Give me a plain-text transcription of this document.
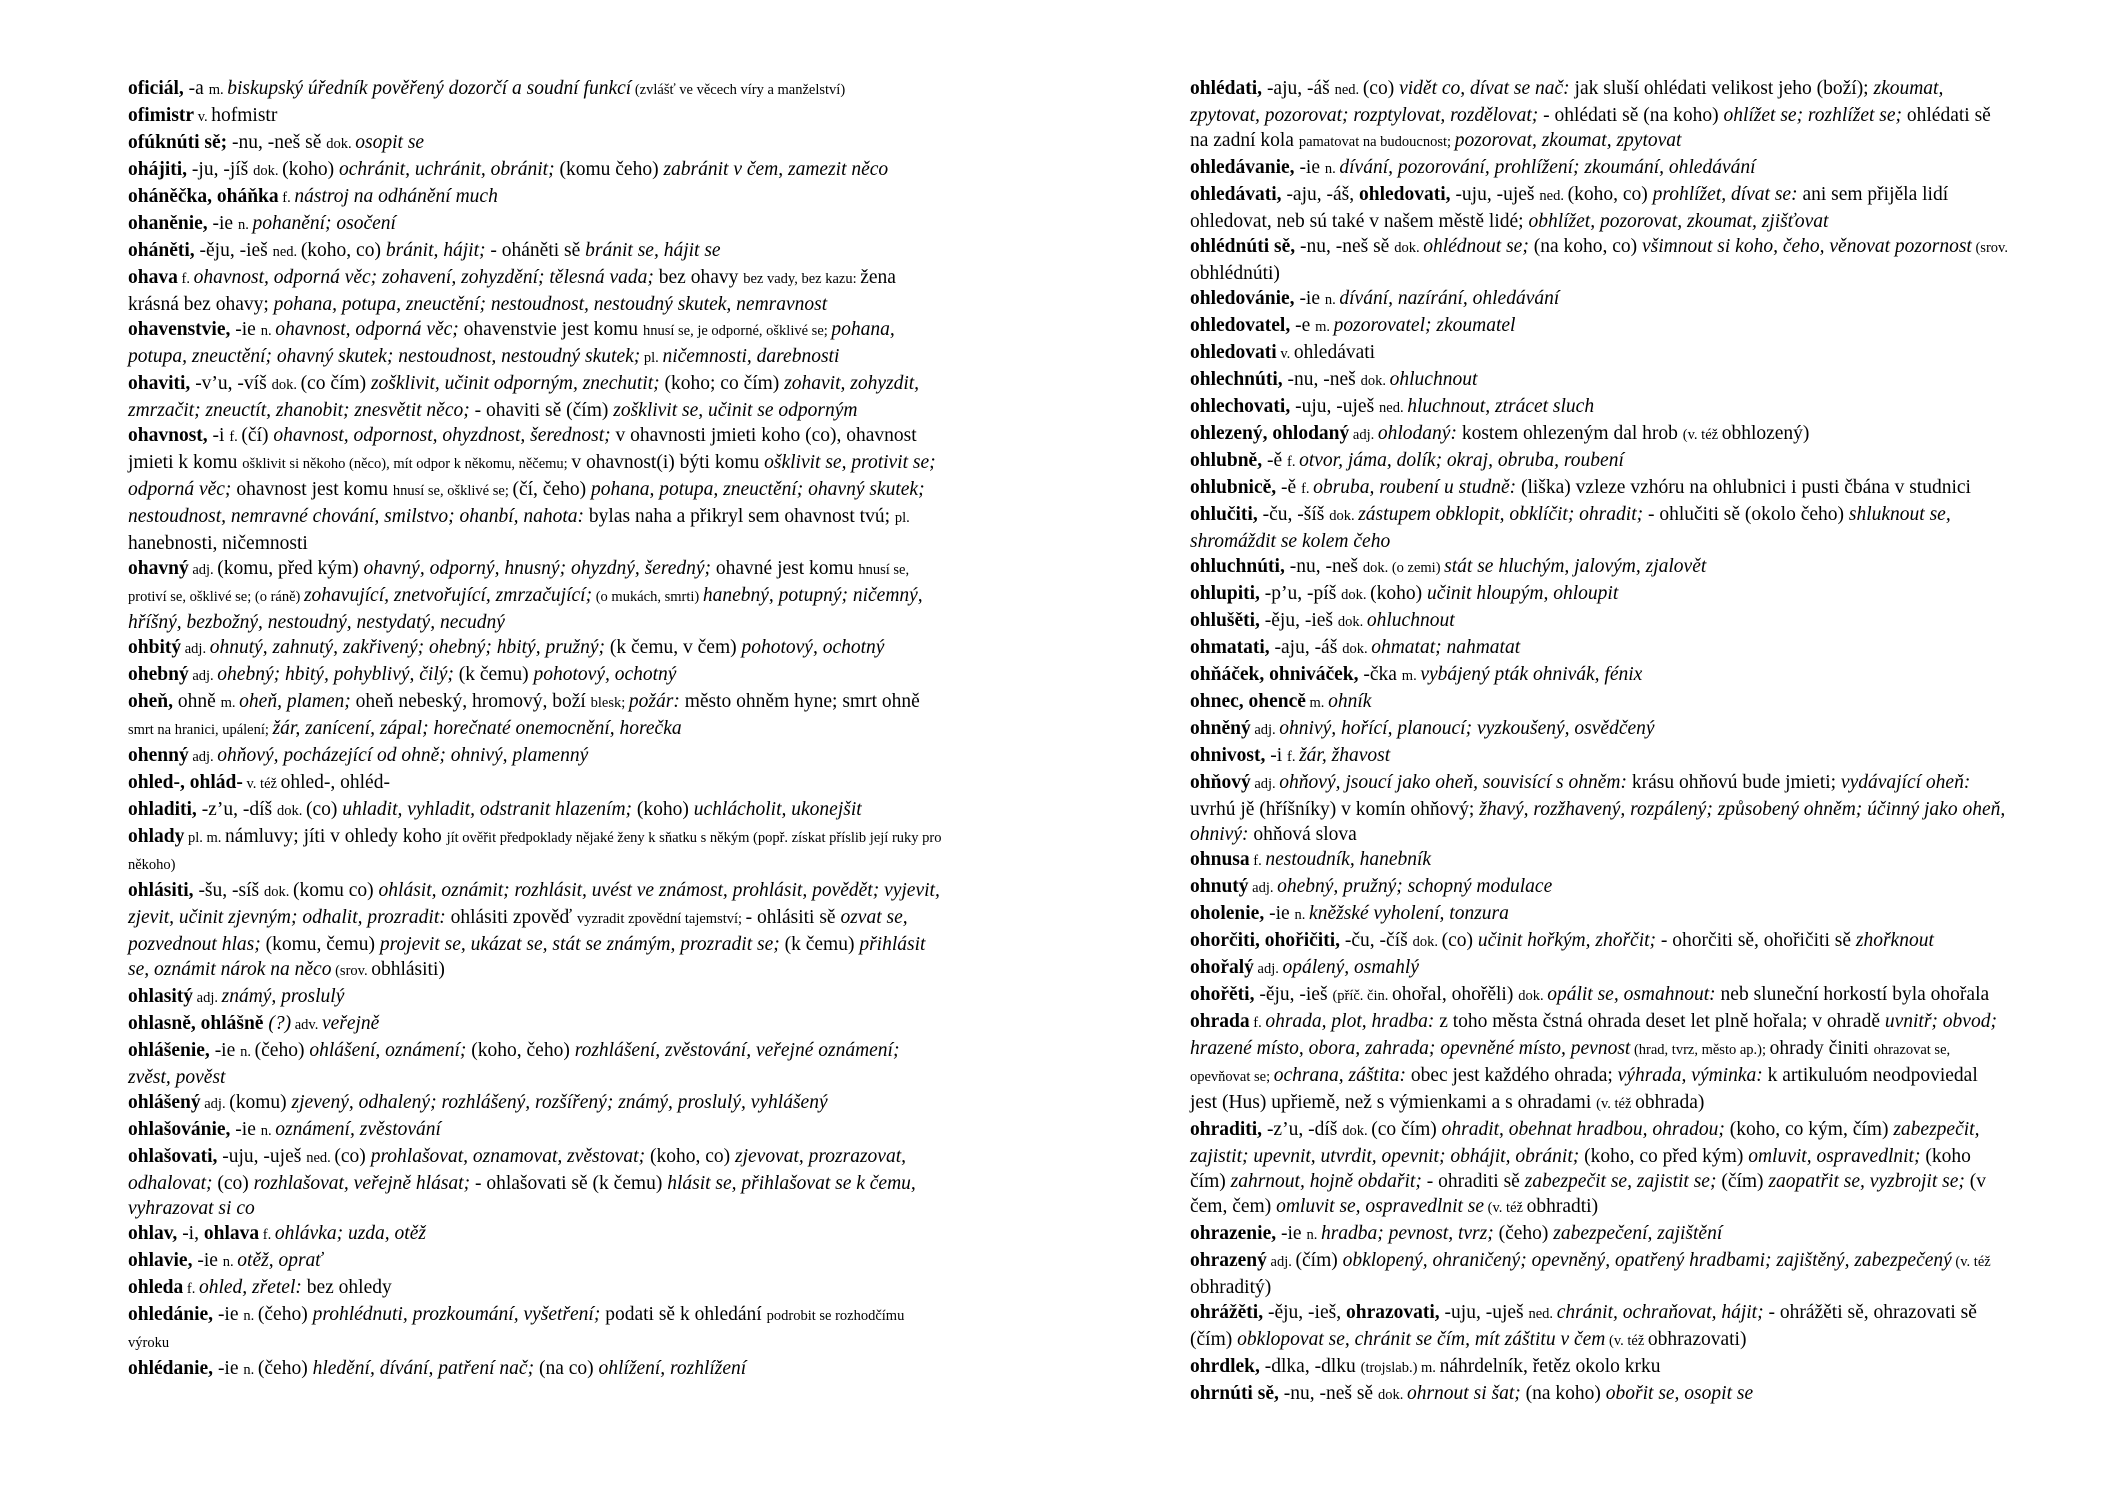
oficiál, -a m. biskupský úředník pověřený dozorčí a soudní funkcí (zvlášť ve věcech víry a manželství)

ofimistr v. hofmistr

ofúknúti sě; -nu, -neš sě dok. osopit se

ohájiti, -ju, -jíš dok. (koho) ochránit, uchránit, obránit; (komu čeho) zabránit v čem, zamezit něco

oháněčka, oháňka f. nástroj na odhánění much

ohaněnie, -ie n. pohanění; osočení

oháněti, -ěju, -ieš ned. (koho, co) bránit, hájit; - oháněti sě bránit se, hájit se

ohava f. ohavnost, odporná věc; zohavení, zohyzdění; tělesná vada; bez ohavy bez vady, bez kazu: žena krásná bez ohavy; pohana, potupa, zneuctění; nestoudnost, nestoudný skutek, nemravnost

ohavenstvie, -ie n. ohavnost, odporná věc; ohavenstvie jest komu hnusí se, je odporné, ošklivé se; pohana, potupa, zneuctění; ohavný skutek; nestoudnost, nestoudný skutek; pl. ničemnosti, darebnosti

ohaviti, -v’u, -víš dok. (co čím) zošklivit, učinit odporným, znechutit; (koho; co čím) zohavit, zohyzdit, zmrzačit; zneuctít, zhanobit; znesvětit něco; - ohaviti sě (čím) zošklivit se, učinit se odporným

ohavnost, -i f. (čí) ohavnost, odpornost, ohyzdnost, šerednost; v ohavnosti jmieti koho (co), ohavnost jmieti k komu ošklivit si někoho (něco), mít odpor k někomu, něčemu; v ohavnost(i) býti komu ošklivit se, protivit se; odporná věc; ohavnost jest komu hnusí se, ošklivé se; (čí, čeho) pohana, potupa, zneuctění; ohavný skutek; nestoudnost, nemravné chování, smilstvo; ohanbí, nahota: bylas naha a přikryl sem ohavnost tvú; pl. hanebnosti, ničemnosti

ohavný adj. (komu, před kým) ohavný, odporný, hnusný; ohyzdný, šeredný; ohavné jest komu hnusí se, protiví se, ošklivé se; (o ráně) zohavující, znetvořující, zmrzačující; (o mukách, smrti) hanebný, potupný; ničemný, hříšný, bezbožný, nestoudný, nestydatý, necudný

ohbitý adj. ohnutý, zahnutý, zakřivený; ohebný; hbitý, pružný; (k čemu, v čem) pohotový, ochotný

ohebný adj. ohebný; hbitý, pohyblivý, čilý; (k čemu) pohotový, ochotný

oheň, ohně m. oheň, plamen; oheň nebeský, hromový, boží blesk; požár: město ohněm hyne; smrt ohně smrt na hranici, upálení; žár, zanícení, zápal; horečnaté onemocnění, horečka

ohenný adj. ohňový, pocházející od ohně; ohnivý, plamenný

ohled-, ohlád- v. též ohled-, ohléd-

ohladiti, -z’u, -díš dok. (co) uhladit, vyhladit, odstranit hlazením; (koho) uchlácholit, ukonejšit

ohlady pl. m. námluvy; jíti v ohledy koho jít ověřit předpoklady nějaké ženy k sňatku s někým (popř. získat příslib její ruky pro někoho)

ohlásiti, -šu, -síš dok. (komu co) ohlásit, oznámit; rozhlásit, uvést ve známost, prohlásit, povědět; vyjevit, zjevit, učinit zjevným; odhalit, prozradit: ohlásiti zpověď vyzradit zpovědní tajemství; - ohlásiti sě ozvat se, pozvednout hlas; (komu, čemu) projevit se, ukázat se, stát se známým, prozradit se; (k čemu) přihlásit se, oznámit nárok na něco (srov. obhlásiti)

ohlasitý adj. známý, proslulý

ohlasně, ohlášně (?) adv. veřejně

ohlášenie, -ie n. (čeho) ohlášení, oznámení; (koho, čeho) rozhlášení, zvěstování, veřejné oznámení; zvěst, pověst

ohlášený adj. (komu) zjevený, odhalený; rozhlášený, rozšířený; známý, proslulý, vyhlášený

ohlašovánie, -ie n. oznámení, zvěstování

ohlašovati, -uju, -uješ ned. (co) prohlašovat, oznamovat, zvěstovat; (koho, co) zjevovat, prozrazovat, odhalovat; (co) rozhlašovat, veřejně hlásat; - ohlašovati sě (k čemu) hlásit se, přihlašovat se k čemu, vyhrazovat si co

ohlav, -i, ohlava f. ohlávka; uzda, otěž

ohlavie, -ie n. otěž, oprať

ohleda f. ohled, zřetel: bez ohledy

ohledánie, -ie n. (čeho) prohlédnuti, prozkoumání, vyšetření; podati sě k ohledání podrobit se rozhodčímu výroku

ohlédanie, -ie n. (čeho) hledění, dívání, patření nač; (na co) ohlížení, rozhlížení

ohlédati, -aju, -áš ned. (co) vidět co, dívat se nač: jak sluší ohlédati velikost jeho (boží); zkoumat, zpytovat, pozorovat; rozptylovat, rozdělovat; - ohlédati sě (na koho) ohlížet se; rozhlížet se; ohlédati sě na zadní kola pamatovat na budoucnost; pozorovat, zkoumat, zpytovat

ohledávanie, -ie n. dívání, pozorování, prohlížení; zkoumání, ohledávání

ohledávati, -aju, -áš, ohledovati, -uju, -uješ ned. (koho, co) prohlížet, dívat se: ani sem přijěla lidí ohledovat, neb sú také v našem městě lidé; obhlížet, pozorovat, zkoumat, zjišťovat

ohlédnúti sě, -nu, -neš sě dok. ohlédnout se; (na koho, co) všimnout si koho, čeho, věnovat pozornost (srov. obhlédnúti)

ohledovánie, -ie n. dívání, nazírání, ohledávání

ohledovatel, -e m. pozorovatel; zkoumatel

ohledovati v. ohledávati

ohlechnúti, -nu, -neš dok. ohluchnout

ohlechovati, -uju, -uješ ned. hluchnout, ztrácet sluch

ohlezený, ohlodaný adj. ohlodaný: kostem ohlezeným dal hrob (v. též obhlozený)

ohlubně, -ě f. otvor, jáma, dolík; okraj, obruba, roubení

ohlubnicě, -ě f. obruba, roubení u studně: (liška) vzleze vzhóru na ohlubnici i pusti čbána v studnici

ohlučiti, -ču, -šíš dok. zástupem obklopit, obklíčit; ohradit; - ohlučiti sě (okolo čeho) shluknout se, shromáždit se kolem čeho

ohluchnúti, -nu, -neš dok. (o zemi) stát se hluchým, jalovým, zjalovět

ohlupiti, -p’u, -píš dok. (koho) učinit hloupým, ohloupit

ohlušěti, -ěju, -ieš dok. ohluchnout

ohmatati, -aju, -áš dok. ohmatat; nahmatat

ohňáček, ohniváček, -čka m. vybájený pták ohnivák, fénix

ohnec, ohencě m. ohník

ohněný adj. ohnivý, hořící, planoucí; vyzkoušený, osvědčený

ohnivost, -i f. žár, žhavost

ohňový adj. ohňový, jsoucí jako oheň, souvisící s ohněm: krásu ohňovú bude jmieti; vydávající oheň: uvrhú jě (hříšníky) v komín ohňový; žhavý, rozžhavený, rozpálený; způsobený ohněm; účinný jako oheň, ohnivý: ohňová slova

ohnusa f. nestoudník, hanebník

ohnutý adj. ohebný, pružný; schopný modulace

oholenie, -ie n. kněžské vyholení, tonzura

ohorčiti, ohořičiti, -ču, -číš dok. (co) učinit hořkým, zhořčit; - ohorčiti sě, ohořičiti sě zhořknout

ohořalý adj. opálený, osmahlý

ohořěti, -ěju, -ieš (příč. čin. ohořal, ohořěli) dok. opálit se, osmahnout: neb sluneční horkostí byla ohořala

ohrada f. ohrada, plot, hradba: z toho města čstná ohrada deset let plně hořala; v ohradě uvnitř; obvod; hrazené místo, obora, zahrada; opevněné místo, pevnost (hrad, tvrz, město ap.); ohrady činiti ohrazovat se, opevňovat se; ochrana, záštita: obec jest každého ohrada; výhrada, výminka: k artikuluóm neodpoviedal jest (Hus) upřiemě, než s výmienkami a s ohradami (v. též obhrada)

ohraditi, -z’u, -díš dok. (co čím) ohradit, obehnat hradbou, ohradou; (koho, co kým, čím) zabezpečit, zajistit; upevnit, utvrdit, opevnit; obhájit, obránit; (koho, co před kým) omluvit, ospravedlnit; (koho čím) zahrnout, hojně obdařit; - ohraditi sě zabezpečit se, zajistit se; (čím) zaopatřit se, vyzbrojit se; (v čem, čem) omluvit se, ospravedlnit se (v. též obhradti)

ohrazenie, -ie n. hradba; pevnost, tvrz; (čeho) zabezpečení, zajištění

ohrazený adj. (čím) obklopený, ohraničený; opevněný, opatřený hradbami; zajištěný, zabezpečený (v. též obhraditý)

ohrážěti, -ěju, -ieš, ohrazovati, -uju, -uješ ned. chránit, ochraňovat, hájit; - ohrážěti sě, ohrazovati sě (čím) obklopovat se, chránit se čím, mít záštitu v čem (v. též obhrazovati)

ohrdlek, -dlka, -dlku (trojslab.) m. náhrdelník, řetěz okolo krku

ohrnúti sě, -nu, -neš sě dok. ohrnout si šat; (na koho) obořit se, osopit se
